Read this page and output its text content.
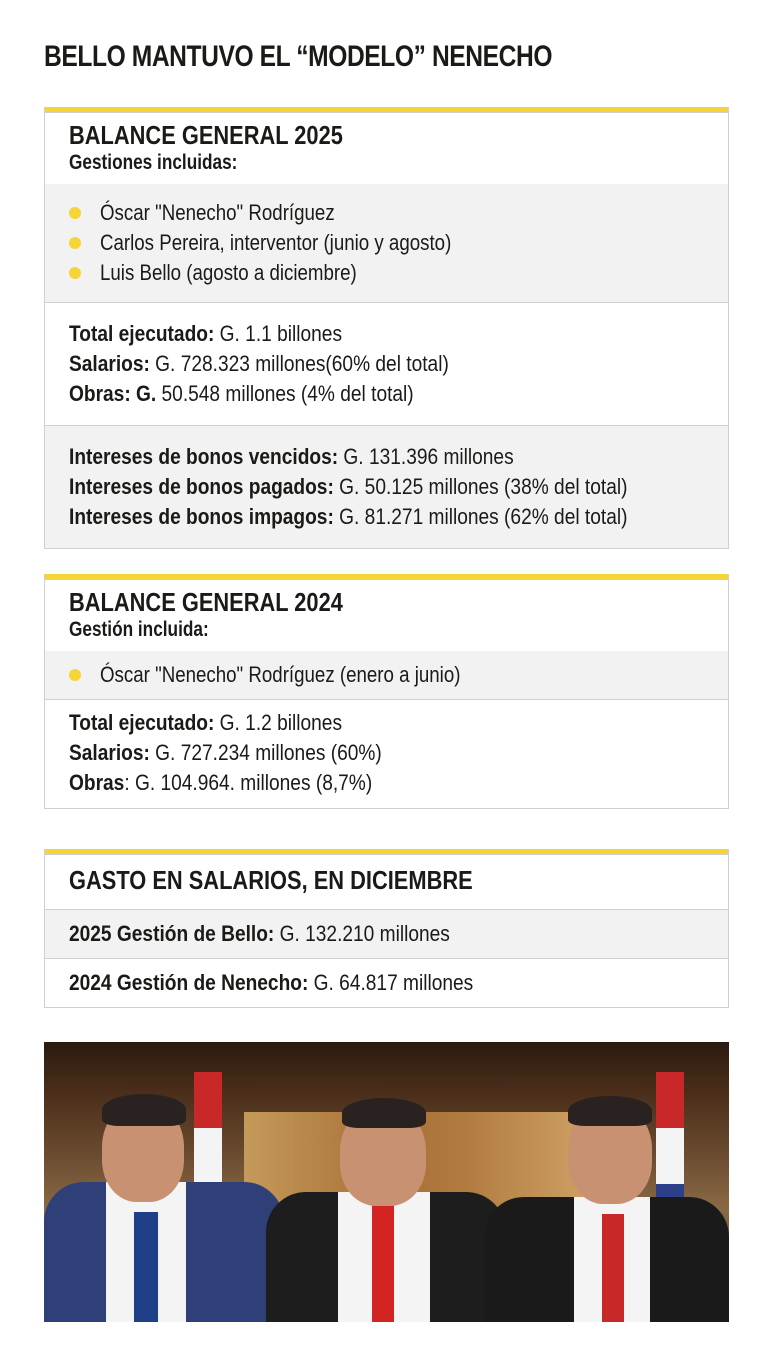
BELLO MANTUVO EL “MODELO” NENECHO
BALANCE GENERAL 2025
Gestiones incluidas:
Óscar "Nenecho" Rodríguez
Carlos Pereira, interventor (junio y agosto)
Luis Bello (agosto a diciembre)
Total ejecutado: G. 1.1 billones
Salarios: G. 728.323 millones(60% del total)
Obras: G. 50.548 millones (4% del total)
Intereses de bonos vencidos: G. 131.396 millones
Intereses de bonos pagados: G. 50.125 millones (38% del total)
Intereses de bonos impagos: G. 81.271 millones (62% del total)
BALANCE GENERAL 2024
Gestión incluida:
Óscar "Nenecho" Rodríguez (enero a junio)
Total ejecutado: G. 1.2 billones
Salarios: G. 727.234 millones (60%)
Obras: G. 104.964. millones (8,7%)
GASTO EN SALARIOS, EN DICIEMBRE
2025 Gestión de Bello: G. 132.210 millones
2024 Gestión de Nenecho: G. 64.817 millones
